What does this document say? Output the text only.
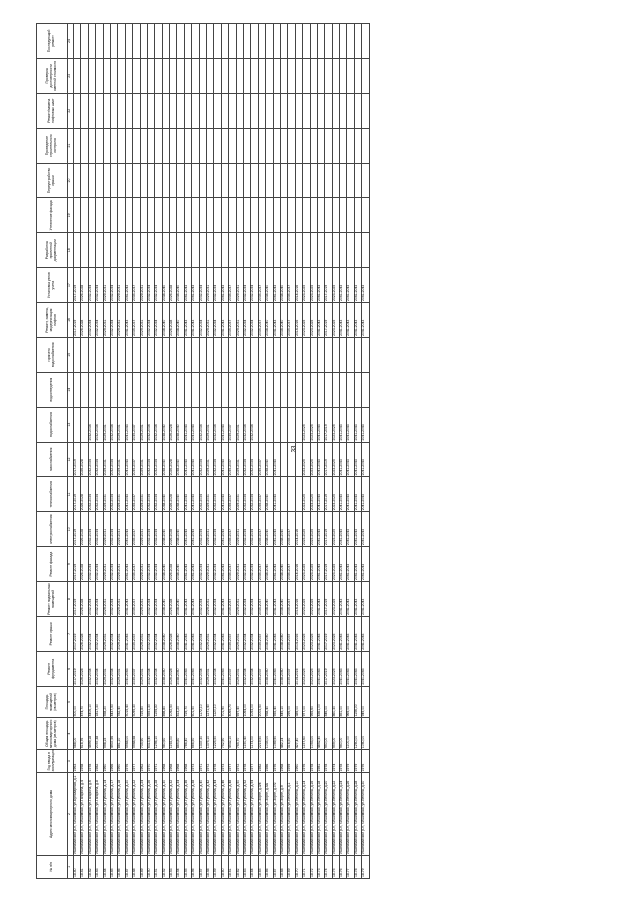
33
№ п/п	Адрес многоквартирного дома	Год ввода в эксплуатацию	Общая площадь многоквартирного дома (кв.метров)	Площадь помещений (кв.метров)	Ремонт фундамента	Ремонт крыши	Ремонт подвальных помещений	Ремонт фасада	электроснабжения	теплоснабжения	газоснабжения	водоснабжения	водоотведения	горячего водоснабжения	Ремонт, замена, модернизация лифтов	Установка узлов учета	Разработка проектной документации	Утепление фасада	Переустройство крыши	Проведение строительного контроля	Ремонт/замена лифтовых шахт	Проверка достоверности сметной стоимости	Последующий ремонт
1	2	3	4	5	6	7	8	9	10	11	12	13	14	15	16	17	18	19	20	21	22	23	24
18.40	Ишимбайский р-н, г.Ишимбай, ул.Бульварная, д.1	1963	588,00	500,00	2017-2019	2017-2019	2017-2019	2017-2019	2017-2019	2017-2019	2017-2019				2017-2019	2017-2019							
18.41	Ишимбайский р-н, г.Ишимбай, ул.Гагарина, д.4	1958	616,76	474,70	2026-2028	2026-2028	2026-2028	2026-2028	2026-2028	2026-2028	2026-2028				2026-2028	2026-2028							
18.42	Ишимбайский р-н, г.Ишимбай, ул.Гагарина, д.6	1978	4899,18	4406,10	2032-2034	2032-2034	2032-2034	2032-2034	2032-2034	2032-2034	2032-2034	2032-2034			2032-2034	2032-2034							
18.43	Ишимбайский р-н, г.Ишимбай, ул.Гагарина, д.8	1982	2057,38	1817,30	2032-2034	2032-2034	2032-2034	2032-2034	2032-2034	2032-2034	2032-2034	2032-2034			2032-2034	2032-2034							
18.44	Ишимбайский р-н, г.Ишимбай, ул.Губкина, д.14	1960	598,15	558,20	2029-2031	2029-2031	2029-2031	2029-2031	2029-2031	2029-2031	2029-2031	2029-2031			2029-2031	2029-2031							
18.45	Ишимбайский р-н, г.Ишимбай, ул.Губкина, д.17	1966	4937,56	4437,50	2032-2034	2032-2034	2032-2034	2032-2034	2032-2034	2032-2034	2032-2034	2032-2034			2032-2034	2032-2034							
18.46	Ишимбайский р-н, г.Ишимбай, ул.Губкина, д.18	1960	881,10	782,40	2029-2031	2029-2031	2029-2031	2029-2031	2029-2031	2029-2031	2029-2031	2029-2031			2029-2031	2029-2031							
18.47	Ишимбайский р-н, г.Ишимбай, ул.Губкина, д.20	1976	5568,00	5015,40	2041-2043	2041-2043	2041-2043	2041-2043	2041-2043	2041-2043	2041-2043	2041-2043			2041-2043	2041-2043							
18.48	Ишимбайский р-н, г.Ишимбай, ул.Губкина, д.22	1977	5948,58	5095,30	2035-2037	2035-2037	2035-2037	2035-2037	2035-2037	2035-2037	2035-2037	2035-2037			2035-2037	2035-2037							
18.49	Ишимбайский р-н, г.Ишимбай, ул.Губкина, д.24	1962	735,90	725,80	2029-2031	2029-2031	2029-2031	2029-2031	2029-2031	2029-2031	2029-2031	2029-2031			2029-2031	2029-2031							
18.50	Ишимбайский р-н, г.Ишимбай, ул.Губкина, д.26	1970	6313,40	5551,30	2032-2034	2032-2034	2032-2034	2032-2034	2032-2034	2032-2034	2032-2034	2032-2034			2032-2034	2032-2034							
18.51	Ишимбайский р-н, г.Ишимбай, ул.Губкина, д.28	1971	1256,10	1154,30	2032-2034	2032-2034	2032-2034	2032-2034	2032-2034	2032-2034	2032-2034	2032-2034			2032-2034	2032-2034							
18.52	Ишимбайский р-н, г.Ишимбай, ул.Губкина, д.30	1968	980,60	898,80	2038-2040	2038-2040	2038-2040	2038-2040	2038-2040	2038-2040	2038-2040	2038-2040			2038-2040	2038-2040							
18.53	Ишимбайский р-н, г.Ишимбай, ул.Губкина, д.32	1968	1192,00	1092,50	2026-2028	2026-2028	2026-2028	2026-2028	2026-2028	2026-2028	2026-2028	2026-2028			2026-2028	2026-2028							
18.54	Ишимбайский р-н, г.Ишимбай, ул.Губкина, д.34	1968	885,80	813,20	2038-2040	2038-2040	2038-2040	2038-2040	2038-2040	2038-2040	2038-2040	2038-2040			2038-2040	2038-2040							
18.55	Ишимбайский р-н, г.Ишимбай, ул.Губкина, д.36	1968	786,40	729,70	2041-2043	2041-2043	2041-2043	2041-2043	2041-2043	2041-2043	2041-2043	2041-2043			2041-2043	2041-2043							
18.56	Ишимбайский р-н, г.Ишимбай, ул.Губкина, д.38	1973	666,50	601,50	2041-2043	2041-2043	2041-2043	2041-2043	2041-2043	2041-2043	2041-2043	2041-2043			2041-2043	2041-2043							
18.57	Ишимбайский р-н, г.Ишимбай, ул.Губкина, д.40	1971	1337,30	1172,10	2032-2034	2032-2034	2032-2034	2032-2034	2032-2034	2032-2034	2032-2034	2032-2034			2032-2034	2032-2034							
18.58	Ишимбайский р-н, г.Ишимбай, ул.Губкина, д.42	1972	1375,10	1271,40	2029-2031	2029-2031	2029-2031	2029-2031	2029-2031	2029-2031	2029-2031	2029-2031			2029-2031	2029-2031							
18.59	Ишимбайский р-н, г.Ишимбай, ул.Губкина, д.44	1978	1225,50	1120,10	2032-2034	2032-2034	2032-2034	2032-2034	2032-2034	2032-2034	2032-2034	2032-2034			2032-2034	2032-2034							
18.60	Ишимбайский р-н, г.Ишимбай, ул.Губкина, д.46	1973	752,90	701,90	2041-2043	2041-2043	2041-2043	2041-2043	2041-2043	2041-2043	2041-2043	2041-2043			2041-2043	2041-2043							
18.61	Ишимбайский р-н, г.Ишимбай, ул.Губкина, д.48	1977	4532,10	4065,70	2035-2037	2035-2037	2035-2037	2035-2037	2035-2037	2035-2037	2035-2037	2035-2037			2035-2037	2035-2037							
18.62	Ишимбайский р-н, г.Ишимбай, ул.Губкина, д.50	1972	745,70	697,40	2029-2031	2029-2031	2029-2031	2029-2031	2029-2031	2029-2031	2029-2031	2029-2031			2029-2031	2029-2031							
18.63	Ишимбайский р-н, г.Ишимбай, ул.Губкина, д.52	1978	1150,40	1064,00	2032-2034	2032-2034	2032-2034	2032-2034	2032-2034	2032-2034	2032-2034	2032-2034			2032-2034	2032-2034							
18.64	Ишимбайский р-н, г.Ишимбай, ул.Губкина, д.54	1977	1173,00	1053,00	2032-2034	2032-2034	2032-2034	2032-2034	2032-2034	2032-2034	2032-2034	2032-2034			2032-2034	2032-2034							
18.65	Ишимбайский р-н, г.Ишимбай, ул.Зорге, д.3/4	1982	2219,50	2003,50	2035-2037	2035-2037	2035-2037	2035-2037	2035-2037	2035-2037	2035-2037				2035-2037	2035-2037							
18.66	Ишимбайский р-н, г.Ишимбай, ул.Зорге, д.5А	1986	1035,00	938,40	2038-2040	2038-2040	2038-2040	2038-2040	2038-2040	2038-2040	2038-2040				2038-2040	2038-2040							
18.67	Ишимбайский р-н, г.Ишимбай, ул.Зорге, д.7/2	1976	1049,90	935,40	2041-2043	2041-2043	2041-2043	2041-2043	2041-2043	2041-2043	2041-2043				2041-2043	2041-2043							
18.68	Ишимбайский р-н, г.Ишимбай, ул.Зорге, д.9	1968	482,14	445,10	2038-2040	2038-2040	2038-2040	2038-2040	2038-2040						2038-2040	2038-2040							
18.69	Ишимбайский р-н, г.Ишимбай, ул.Ленина, д.1	1959	316,50	295,00	2035-2037	2035-2037	2035-2037	2035-2037	2035-2037						2035-2037	2035-2037							
18.70	Ишимбайский р-н, г.Ишимбай, ул.Ленина, д.10	1960	427,40	389,00	2014-2016	2014-2016	2014-2016	2014-2016	2014-2016						2014-2016	2014-2016							
18.71	Ишимбайский р-н, г.Ишимбай, ул.Ленина, д.14	1976	1157,60	977,00	2023-2025	2023-2025	2023-2025	2023-2025	2023-2025	2023-2025	2023-2025	2023-2025			2023-2025	2023-2025							
18.72	Ишимбайский р-н, г.Ишимбай, ул.Ленина, д.16	1978	1053,00	955,60	2023-2025	2023-2025	2023-2025	2023-2025	2023-2025	2023-2025	2023-2025	2023-2025			2023-2025	2023-2025							
18.73	Ишимбайский р-н, г.Ишимбай, ул.Ленина, д.18	1981	4852,40	4361,00	2041-2043	2041-2043	2041-2043	2041-2043	2041-2043	2041-2043	2041-2043	2041-2043			2041-2043	2041-2043							
18.74	Ишимбайский р-н, г.Ишимбай, ул.Ленина, д.20	1978	950,00	846,00	2017-2019	2017-2019	2017-2019	2017-2019	2017-2019	2017-2019	2017-2019	2017-2019			2017-2019	2017-2019							
18.75	Ишимбайский р-н, г.Ишимбай, ул.Ленина, д.22	1974	959,00	860,30	2023-2025	2023-2025	2023-2025	2023-2025	2023-2025	2023-2025	2023-2025	2023-2025			2023-2025	2023-2025							
18.76	Ишимбайский р-н, г.Ишимбай, ул.Ленина, д.24	1978	940,00	851,00	2041-2043	2041-2043	2041-2043	2041-2043	2041-2043	2041-2043	2041-2043	2041-2043			2041-2043	2041-2043							
18.77	Ишимбайский р-н, г.Ишимбай, ул.Ленина, д.26	1979	1100,00	969,00	2041-2043	2041-2043	2041-2043	2041-2043	2041-2043	2041-2043	2041-2043	2041-2043			2041-2043	2041-2043							
18.78	Ишимбайский р-н, г.Ишимбай, ул.Ленина, д.28	1979	1260,00	1156,00	2041-2043	2041-2043	2041-2043	2041-2043	2041-2043	2041-2043	2041-2043	2041-2043			2041-2043	2041-2043							
18.79	Ишимбайский р-н, г.Ишимбай, ул.Ленина, д.30	1976	1040,00	949,00	2041-2043	2041-2043	2041-2043	2041-2043	2041-2043	2041-2043	2041-2043	2041-2043			2041-2043	2041-2043							
